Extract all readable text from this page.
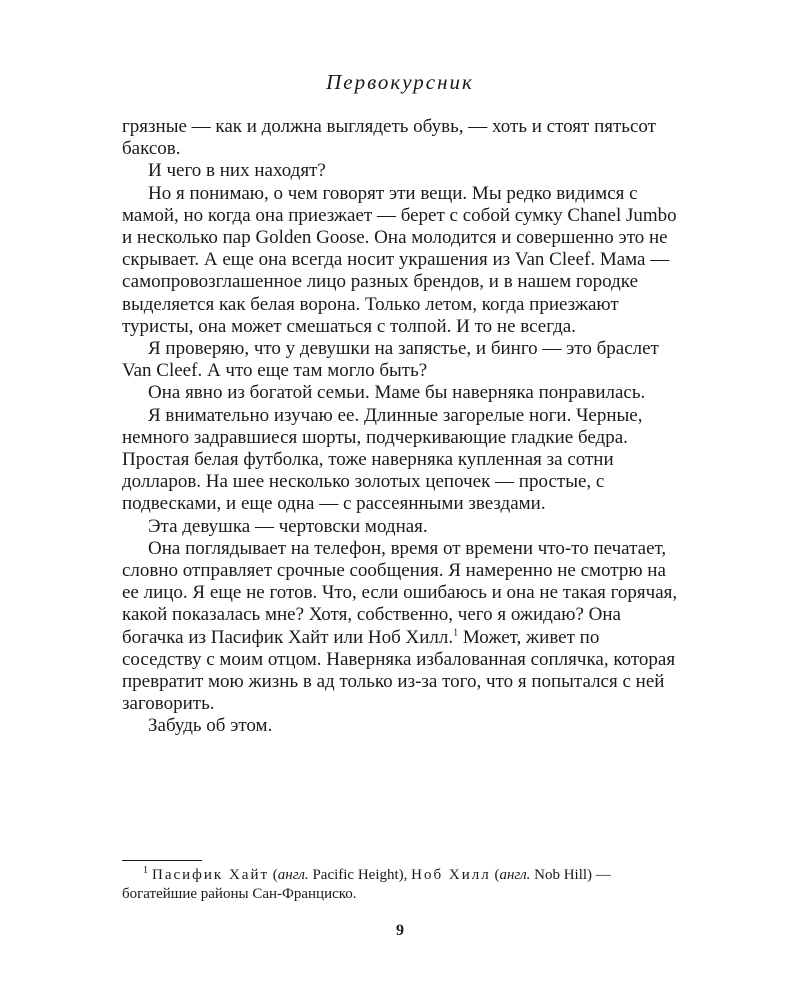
Первокурсник

грязные — как и должна выглядеть обувь, — хоть и стоят пятьсот баксов.

И чего в них находят?

Но я понимаю, о чем говорят эти вещи. Мы редко видимся с мамой, но когда она приезжает — берет с собой сумку Chanel Jumbo и несколько пар Golden Goose. Она молодится и совершенно это не скрывает. А еще она всегда носит украшения из Van Cleef. Мама — самопровозглашенное лицо разных брендов, и в нашем городке выделяется как белая ворона. Только летом, когда приезжают туристы, она может смешаться с толпой. И то не всегда.

Я проверяю, что у девушки на запястье, и бинго — это браслет Van Cleef. А что еще там могло быть?

Она явно из богатой семьи. Маме бы наверняка понравилась.

Я внимательно изучаю ее. Длинные загорелые ноги. Черные, немного задравшиеся шорты, подчеркивающие гладкие бедра. Простая белая футболка, тоже наверняка купленная за сотни долларов. На шее несколько золотых цепочек — простые, с подвесками, и еще одна — с рассеянными звездами.

Эта девушка — чертовски модная.

Она поглядывает на телефон, время от времени что-то печатает, словно отправляет срочные сообщения. Я намеренно не смотрю на ее лицо. Я еще не готов. Что, если ошибаюсь и она не такая горячая, какой показалась мне? Хотя, собственно, чего я ожидаю? Она богачка из Пасифик Хайт или Ноб Хилл.$^1$ Может, живет по соседству с моим отцом. Наверняка избалованная соплячка, которая превратит мою жизнь в ад только из-за того, что я попытался с ней заговорить.

Забудь об этом.

$^1$ Пасифик Хайт (англ. Pacific Height), Ноб Хилл (англ. Nob Hill) — богатейшие районы Сан-Франциско.
9
